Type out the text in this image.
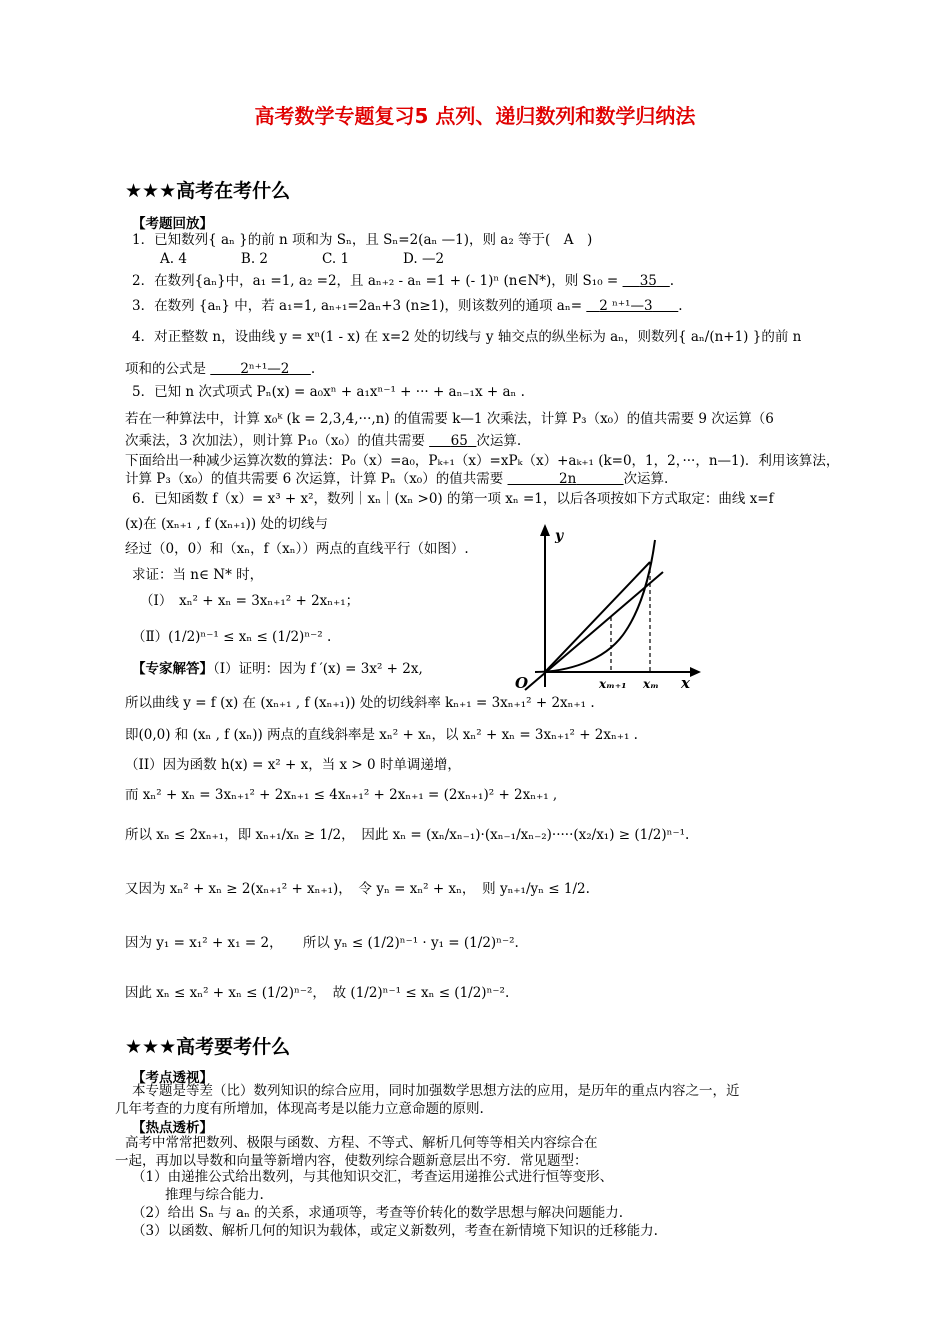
高考数学专题复习5 点列、递归数列和数学归纳法
★★★高考在考什么
【考题回放】
1．已知数列{ aₙ }的前 n 项和为 Sₙ，且 Sₙ=2(aₙ —1)，则 a₂ 等于(　A　)
A. 4　　　　B. 2　　　　C. 1　　　　D. —2
2．在数列{aₙ}中，a₁ =1, a₂ =2，且 aₙ₊₂ - aₙ =1 + (- 1)ⁿ (n∈N*)，则 S₁₀ = 35 .
3．在数列 {aₙ} 中，若 a₁=1, aₙ₊₁=2aₙ+3 (n≥1)，则该数列的通项 aₙ= 2 ⁿ⁺¹—3 .
4．对正整数 n，设曲线 y = xⁿ(1 - x) 在 x=2 处的切线与 y 轴交点的纵坐标为 aₙ，则数列{ aₙ/(n+1) }的前 n
项和的公式是	2ⁿ⁺¹—2 .
5．已知 n 次式项式 Pₙ(x) = a₀xⁿ + a₁xⁿ⁻¹ + ··· + aₙ₋₁x + aₙ .
若在一种算法中，计算 x₀ᵏ (k = 2,3,4,···,n) 的值需要 k—1 次乘法，计算 P₃（x₀）的值共需要 9 次运算（6
次乘法，3 次加法），则计算 P₁₀（x₀）的值共需要 65 次运算.
下面给出一种减少运算次数的算法：P₀（x）=a₀，Pₖ₊₁（x）=xPₖ（x）+aₖ₊₁ (k=0，1，2，···，n—1)．利用该算法，
计算 P₃（x₀）的值共需要 6 次运算，计算 Pₙ（x₀）的值共需要	2n	次运算.
6．已知函数 f（x）= x³ + x²，数列｜xₙ｜(xₙ >0) 的第一项 xₙ =1，以后各项按如下方式取定：曲线 x=f
(x)在 (xₙ₊₁ , f (xₙ₊₁)) 处的切线与
经过（0，0）和（xₙ，f（xₙ））两点的直线平行（如图）.
求证：当 n∈ N* 时，
（Ⅰ）　xₙ² + xₙ = 3xₙ₊₁² + 2xₙ₊₁；
（Ⅱ）(1/2)ⁿ⁻¹ ≤ xₙ ≤ (1/2)ⁿ⁻² .
y
x
O	xₘ₊₁ xₘ
【专家解答】（Ⅰ）证明：因为 f ′(x) = 3x² + 2x,
所以曲线 y = f (x) 在 (xₙ₊₁ , f (xₙ₊₁)) 处的切线斜率 kₙ₊₁ = 3xₙ₊₁² + 2xₙ₊₁ .
即(0,0) 和 (xₙ , f (xₙ)) 两点的直线斜率是 xₙ² + xₙ，以 xₙ² + xₙ = 3xₙ₊₁² + 2xₙ₊₁ .
（II）因为函数 h(x) = x² + x，当 x > 0 时单调递增，
而 xₙ² + xₙ = 3xₙ₊₁² + 2xₙ₊₁ ≤ 4xₙ₊₁² + 2xₙ₊₁ = (2xₙ₊₁)² + 2xₙ₊₁ ,
所以 xₙ ≤ 2xₙ₊₁，即 xₙ₊₁/xₙ ≥ 1/2，　因此 xₙ = (xₙ/xₙ₋₁)·(xₙ₋₁/xₙ₋₂)·····(x₂/x₁) ≥ (1/2)ⁿ⁻¹.
又因为 xₙ² + xₙ ≥ 2(xₙ₊₁² + xₙ₊₁)，　令 yₙ = xₙ² + xₙ，　则 yₙ₊₁/yₙ ≤ 1/2.
因为 y₁ = x₁² + x₁ = 2，　　所以 yₙ ≤ (1/2)ⁿ⁻¹ · y₁ = (1/2)ⁿ⁻².
因此 xₙ ≤ xₙ² + xₙ ≤ (1/2)ⁿ⁻²，　故 (1/2)ⁿ⁻¹ ≤ xₙ ≤ (1/2)ⁿ⁻².
★★★高考要考什么
【考点透视】
本专题是等差（比）数列知识的综合应用，同时加强数学思想方法的应用，是历年的重点内容之一，近
几年考查的力度有所增加，体现高考是以能力立意命题的原则.
【热点透析】
高考中常常把数列、极限与函数、方程、不等式、解析几何等等相关内容综合在
一起，再加以导数和向量等新增内容，使数列综合题新意层出不穷．常见题型：
（1）由递推公式给出数列，与其他知识交汇，考查运用递推公式进行恒等变形、
推理与综合能力.
（2）给出 Sₙ 与 aₙ 的关系，求通项等，考查等价转化的数学思想与解决问题能力.
（3）以函数、解析几何的知识为载体，或定义新数列，考查在新情境下知识的迁移能力.
